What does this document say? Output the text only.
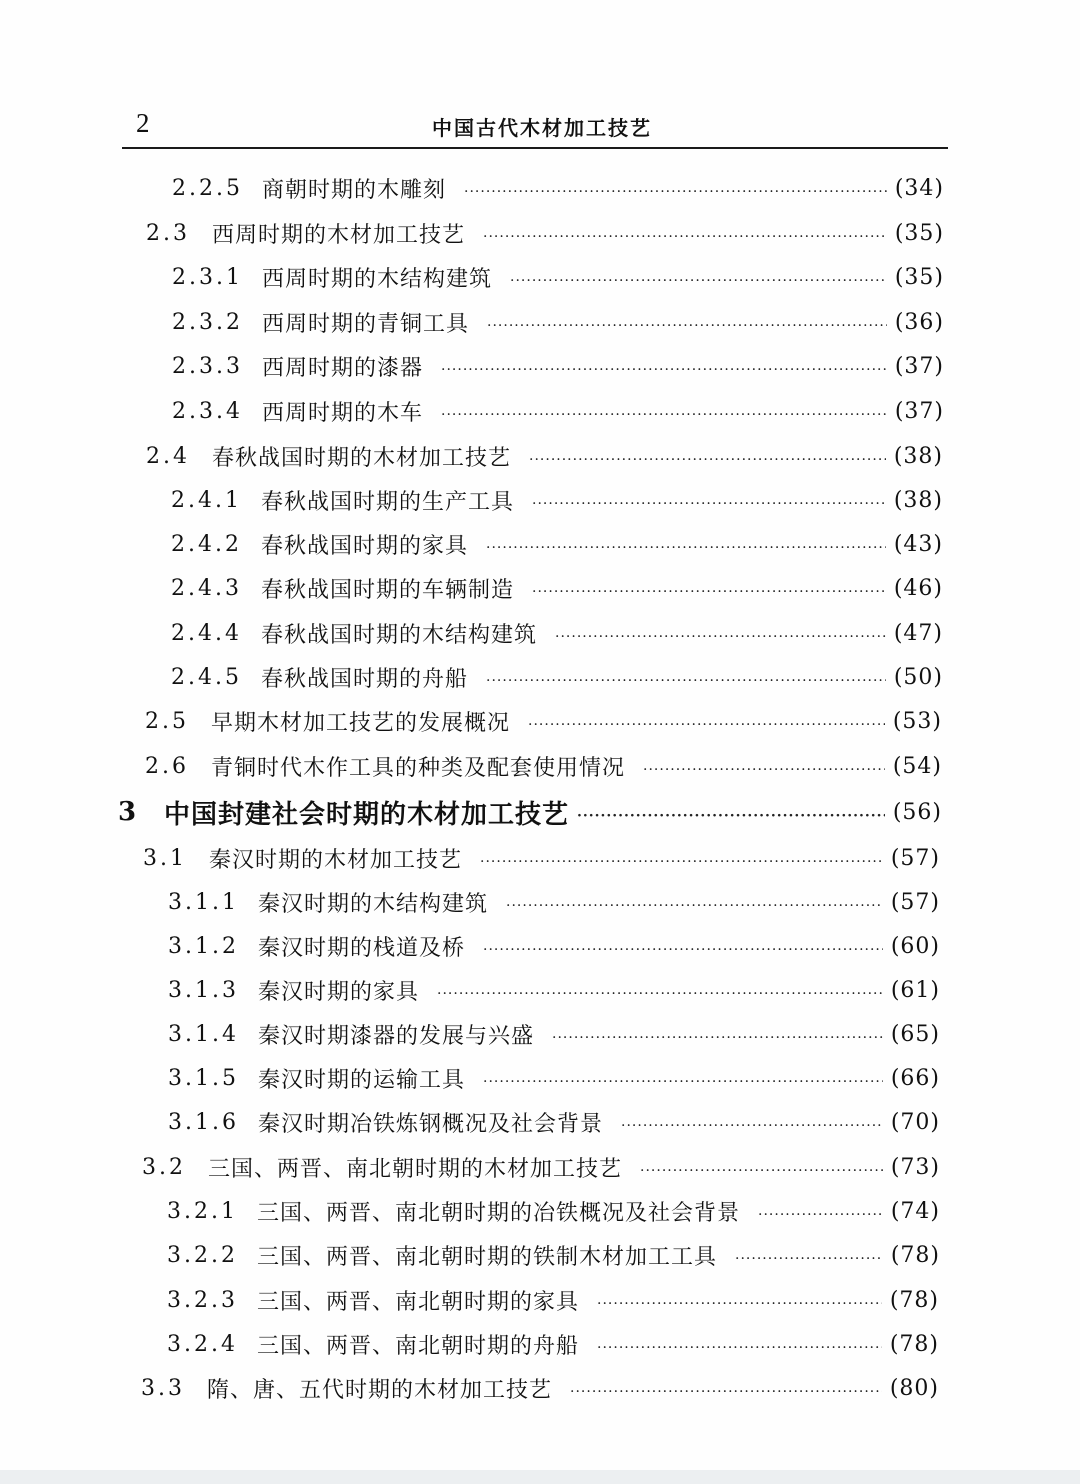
2	中国古代木材加工技艺
2.2.5 商朝时期的木雕刻 ·····	(34)
2.3	西周时期的木材加工技艺 ·····	(35)
2.3.1 西周时期的木结构建筑 ·····	(35)
2.3.2 西周时期的青铜工具 ·····	(36)
2.3.3 西周时期的漆器 ·····	(37)
2.3.4 西周时期的木车 ·····	(37)
2.4	春秋战国时期的木材加工技艺 ·····	(38)
2.4.1 春秋战国时期的生产工具 ·····	(38)
2.4.2 春秋战国时期的家具 ·····	(43)
2.4.3 春秋战国时期的车辆制造 ·····	(46)
2.4.4 春秋战国时期的木结构建筑 ·····	(47)
2.4.5 春秋战国时期的舟船 ·····	(50)
2.5	早期木材加工技艺的发展概况 ·····	(53)
2.6	青铜时代木作工具的种类及配套使用情况 ·····	(54)
3 中国封建社会时期的木材加工技艺 ·····	(56)
3.1	秦汉时期的木材加工技艺 ·····	(57)
3.1.1 秦汉时期的木结构建筑 ·····	(57)
3.1.2 秦汉时期的栈道及桥 ·····	(60)
3.1.3 秦汉时期的家具 ·····	(61)
3.1.4 秦汉时期漆器的发展与兴盛 ·····	(65)
3.1.5 秦汉时期的运输工具 ·····	(66)
3.1.6 秦汉时期冶铁炼钢概况及社会背景 ·····	(70)
3.2	三国、两晋、南北朝时期的木材加工技艺 ·····	(73)
3.2.1 三国、两晋、南北朝时期的冶铁概况及社会背景 ·····	(74)
3.2.2 三国、两晋、南北朝时期的铁制木材加工工具 ·····	(78)
3.2.3 三国、两晋、南北朝时期的家具 ·····	(78)
3.2.4 三国、两晋、南北朝时期的舟船 ·····	(78)
3.3	隋、唐、五代时期的木材加工技艺 ·····	(80)
